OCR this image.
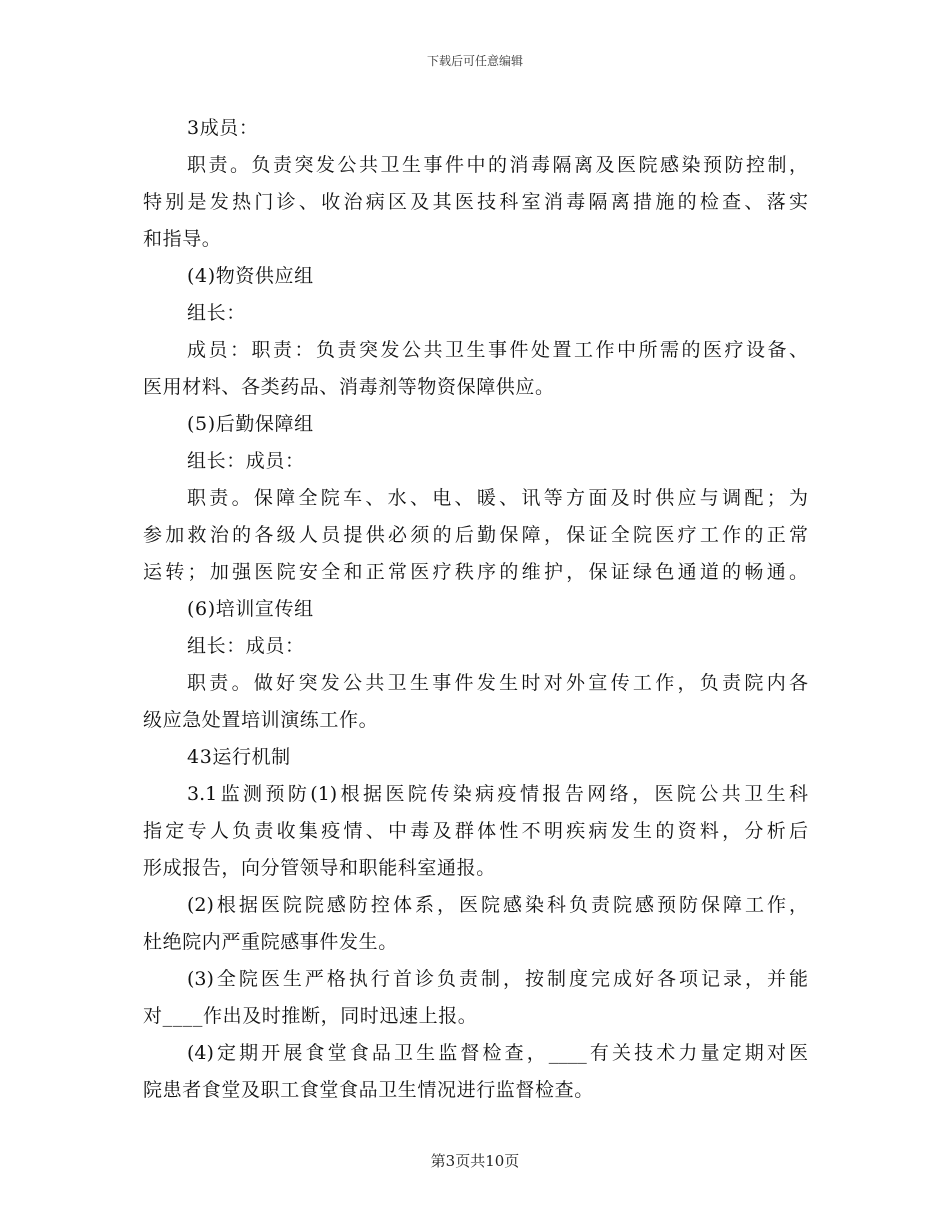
下载后可任意编辑
3成员：
职责。负责突发公共卫生事件中的消毒隔离及医院感染预防控制，
特别是发热门诊、收治病区及其医技科室消毒隔离措施的检查、落实
和指导。
(4)物资供应组
组长：
成员：职责：负责突发公共卫生事件处置工作中所需的医疗设备、
医用材料、各类药品、消毒剂等物资保障供应。
(5)后勤保障组
组长：成员：
职责。保障全院车、水、电、暖、讯等方面及时供应与调配；为
参加救治的各级人员提供必须的后勤保障，保证全院医疗工作的正常
运转；加强医院安全和正常医疗秩序的维护，保证绿色通道的畅通。
(6)培训宣传组
组长：成员：
职责。做好突发公共卫生事件发生时对外宣传工作，负责院内各
级应急处置培训演练工作。
43运行机制
3.1监测预防(1)根据医院传染病疫情报告网络，医院公共卫生科
指定专人负责收集疫情、中毒及群体性不明疾病发生的资料，分析后
形成报告，向分管领导和职能科室通报。
(2)根据医院院感防控体系，医院感染科负责院感预防保障工作，
杜绝院内严重院感事件发生。
(3)全院医生严格执行首诊负责制，按制度完成好各项记录，并能
对____作出及时推断，同时迅速上报。
(4)定期开展食堂食品卫生监督检查，____有关技术力量定期对医
院患者食堂及职工食堂食品卫生情况进行监督检查。
第3页共10页
